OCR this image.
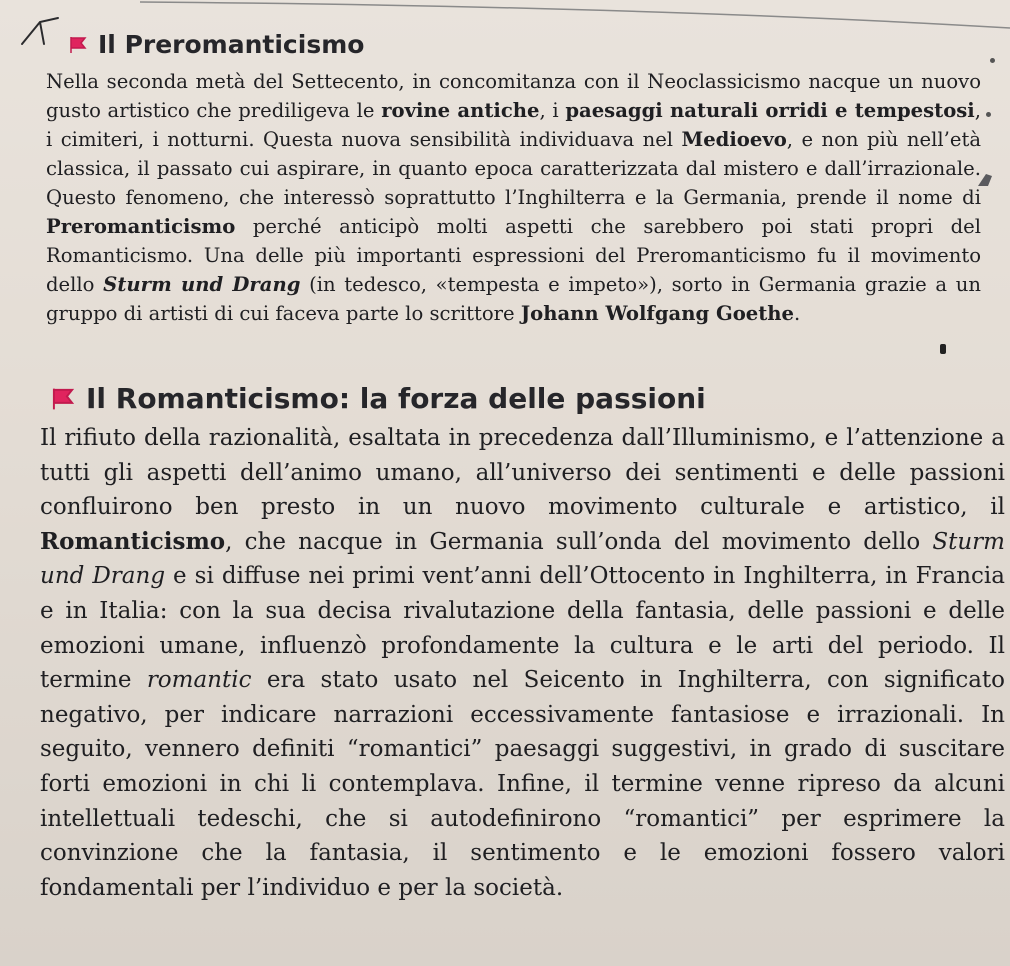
Il Preromanticismo

Nella seconda metà del Settecento, in concomitanza con il Neoclassicismo nacque un nuovo gusto artistico che prediligeva le rovine antiche, i paesaggi naturali orridi e tempestosi, i cimiteri, i notturni. Questa nuova sensibilità individuava nel Medioevo, e non più nell’età classica, il passato cui aspirare, in quanto epoca caratterizzata dal mistero e dall’irrazionale. Questo fenomeno, che interessò soprattutto l’Inghilterra e la Germania, prende il nome di Preromanticismo perché anticipò molti aspetti che sarebbero poi stati propri del Romanticismo. Una delle più importanti espressioni del Preromanticismo fu il movimento dello Sturm und Drang (in tedesco, «tempesta e impeto»), sorto in Germania grazie a un gruppo di artisti di cui faceva parte lo scrittore Johann Wolfgang Goethe.

Il Romanticismo: la forza delle passioni

Il rifiuto della razionalità, esaltata in precedenza dall’Illuminismo, e l’attenzione a tutti gli aspetti dell’animo umano, all’universo dei sentimenti e delle passioni confluirono ben presto in un nuovo movimento culturale e artistico, il Romanticismo, che nacque in Germania sull’onda del movimento dello Sturm und Drang e si diffuse nei primi vent’anni dell’Ottocento in Inghilterra, in Francia e in Italia: con la sua decisa rivalutazione della fantasia, delle passioni e delle emozioni umane, influenzò profondamente la cultura e le arti del periodo. Il termine romantic era stato usato nel Seicento in Inghilterra, con significato negativo, per indicare narrazioni eccessivamente fantasiose e irrazionali. In seguito, vennero definiti “romantici” paesaggi suggestivi, in grado di suscitare forti emozioni in chi li contemplava. Infine, il termine venne ripreso da alcuni intellettuali tedeschi, che si autodefinirono “romantici” per esprimere la convinzione che la fantasia, il sentimento e le emozioni fossero valori fondamentali per l’individuo e per la società.
